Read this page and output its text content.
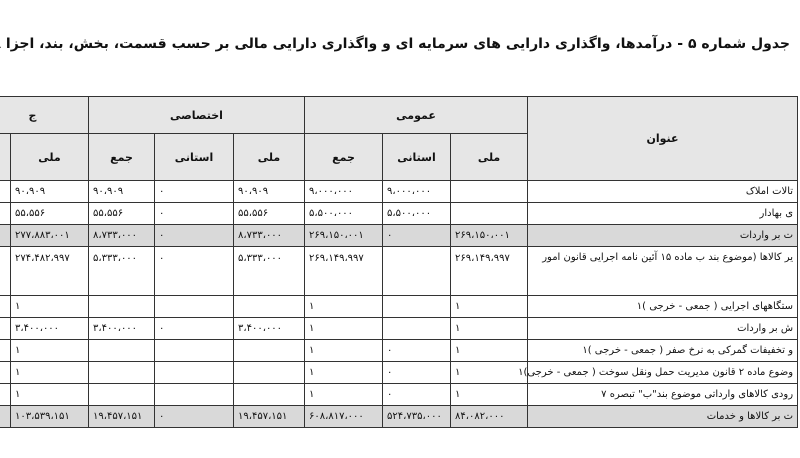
جدول شماره ۵ - درآمدها، واگذاری دارایی های سرمایه ای و واگذاری دارایی مالی بر حسب قسمت، بخش، بند، اجزا
عنوان	عمومی			اختصاصی			ج	
	ملی	استانی	جمع	ملی	استانی	جمع	ملی	
تالات املاک		۹،۰۰۰،۰۰۰	۹،۰۰۰،۰۰۰	۹۰،۹۰۹	۰	۹۰،۹۰۹	۹۰،۹۰۹	
ی بهادار		۵،۵۰۰،۰۰۰	۵،۵۰۰،۰۰۰	۵۵،۵۵۶	۰	۵۵،۵۵۶	۵۵،۵۵۶	
ت بر واردات	۲۶۹،۱۵۰،۰۰۱	۰	۲۶۹،۱۵۰،۰۰۱	۸،۷۳۳،۰۰۰	۰	۸،۷۳۳،۰۰۰	۲۷۷،۸۸۳،۰۰۱	
یر کالاها (موضوع بند ب ماده ۱۵ آئین نامه اجرایی قانون امور	۲۶۹،۱۴۹،۹۹۷		۲۶۹،۱۴۹،۹۹۷	۵،۳۳۳،۰۰۰	۰	۵،۳۳۳،۰۰۰	۲۷۴،۴۸۲،۹۹۷	
ستگاههای اجرایی ( جمعی - خرجی )۱	۱		۱				۱	
ش بر واردات	۱		۱	۳،۴۰۰،۰۰۰	۰	۳،۴۰۰،۰۰۰	۳،۴۰۰،۰۰۰	
و تخفیفات گمرکی به نرخ صفر ( جمعی - خرجی )۱	۱	۰	۱				۱	
وضوع ماده ۲ قانون مدیریت حمل ونقل سوخت ( جمعی - خرجی)۱	۱	۰	۱				۱	
رودی کالاهای وارداتی موضوع بند"ب" تبصره ۷	۱	۰	۱				۱	
ت بر کالاها و خدمات	۸۴،۰۸۲،۰۰۰	۵۲۴،۷۳۵،۰۰۰	۶۰۸،۸۱۷،۰۰۰	۱۹،۴۵۷،۱۵۱	۰	۱۹،۴۵۷،۱۵۱	۱۰۳،۵۳۹،۱۵۱	
